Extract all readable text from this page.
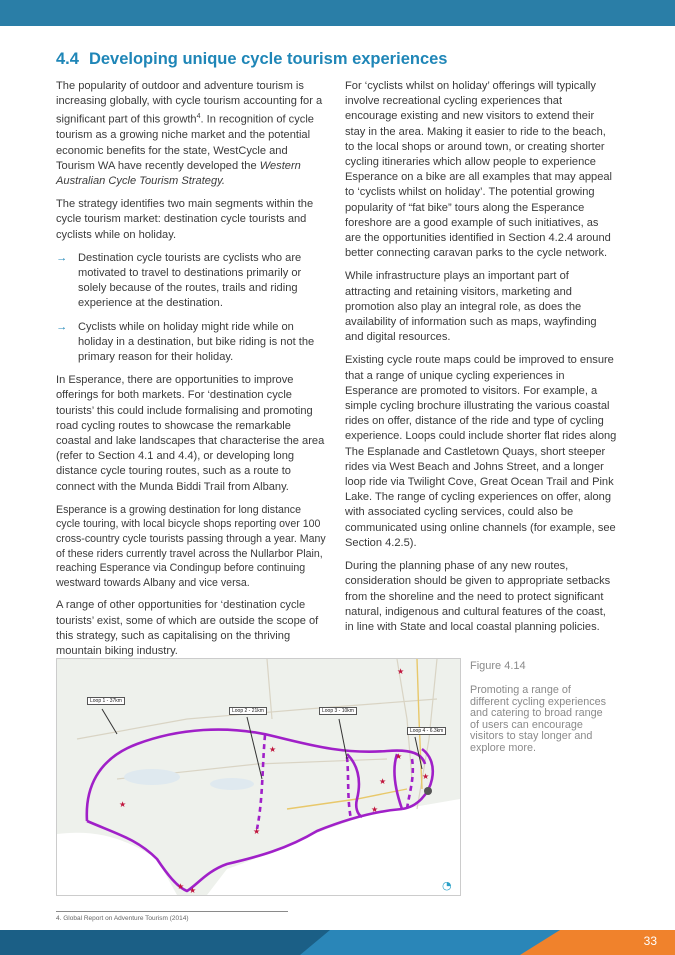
4.4 Developing unique cycle tourism experiences

The popularity of outdoor and adventure tourism is increasing globally, with cycle tourism accounting for a significant part of this growth$^4$. In recognition of cycle tourism as a growing niche market and the potential economic benefits for the state, WestCycle and Tourism WA have recently developed the Western Australian Cycle Tourism Strategy.

The strategy identifies two main segments within the cycle tourism market: destination cycle tourists and cyclists while on holiday.

→ Destination cycle tourists are cyclists who are motivated to travel to destinations primarily or solely because of the routes, trails and riding experience at the destination.
→ Cyclists while on holiday might ride while on holiday in a destination, but bike riding is not the primary reason for their holiday.

In Esperance, there are opportunities to improve offerings for both markets. For ‘destination cycle tourists’ this could include formalising and promoting road cycling routes to showcase the remarkable coastal and lake landscapes that characterise the area (refer to Section 4.1 and 4.4), or developing long distance cycle touring routes, such as a route to connect with the Munda Biddi Trail from Albany.

Esperance is a growing destination for long distance cycle touring, with local bicycle shops reporting over 100 cross-country cycle tourists passing through a year. Many of these riders currently travel across the Nullarbor Plain, reaching Esperance via Condingup before continuing westward towards Albany and vice versa.

A range of other opportunities for ‘destination cycle tourists’ exist, some of which are outside the scope of this strategy, such as capitalising on the thriving mountain biking industry.

For ‘cyclists whilst on holiday’ offerings will typically involve recreational cycling experiences that encourage existing and new visitors to extend their stay in the area. Making it easier to ride to the beach, to the local shops or around town, or creating shorter cycling itineraries which allow people to experience Esperance on a bike are all examples that may appeal to ‘cyclists whilst on holiday’. The potential growing popularity of “fat bike” tours along the Esperance foreshore are a good example of such initiatives, as are the opportunities identified in Section 4.2.4 around better connecting caravan parks to the cycle network.

While infrastructure plays an important part of attracting and retaining visitors, marketing and promotion also play an integral role, as does the availability of information such as maps, wayfinding and digital resources.

Existing cycle route maps could be improved to ensure that a range of unique cycling experiences in Esperance are promoted to visitors. For example, a simple cycling brochure illustrating the various coastal rides on offer, distance of the ride and type of cycling experience. Loops could include shorter flat rides along The Esplanade and Castletown Quays, short steeper rides via West Beach and Johns Street, and a longer loop ride via Twilight Cove, Great Ocean Trail and Pink Lake. The range of cycling experiences on offer, along with associated cycling services, could also be communicated using online channels (for example, see Section 4.2.5).

During the planning phase of any new routes, consideration should be given to appropriate setbacks from the shoreline and the need to protect significant natural, indigenous and cultural features of the coast, in line with State and local coastal planning policies.

★
★
★
★
★
★
★ ★
★
★
◔
Loop 1 - 37km
Loop 2 - 21km	Loop 3 - 10km
Loop 4 - 6.3km
Figure 4.14
Promoting a range of different cycling experiences and catering to broad range of users can encourage visitors to stay longer and explore more.
4. Global Report on Adventure Tourism (2014)
33
